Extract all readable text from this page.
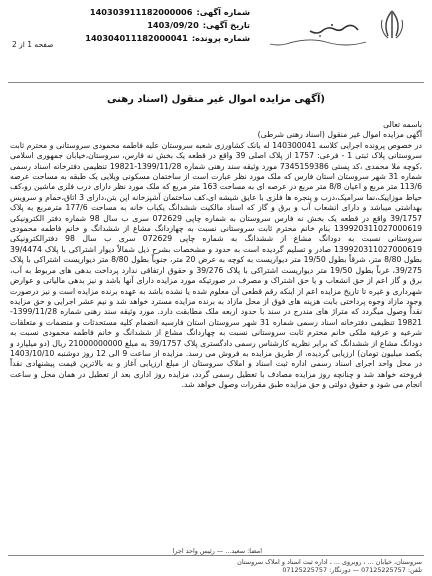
شماره آگهی:
140303911182000006
تاریخ آگهی:
1403/09/20
شماره پرونده:
140304011182000041
صفحه 1 از 2
(آگهی مزایده اموال غیر منقول (اسناد رهنی

باسمه تعالی

آگهی مزایده اموال غیر منقول (اسناد رهنی شرطی)

در خصوص پرونده اجرایی کلاسه 140300041 له بانک کشاورزی شعبه سروستان علیه فاطمه محمودی سروستانی و محترم ثابت سروستانی پلاک ثبتی 1 - فرعی: 1757 از پلاک اصلی 39 واقع در قطعه یک بخش نه فارس، سروستان،خیابان جمهوری اسلامی ،کوچه ملا محمدی ،کد پستی 7345159386 مورد وثیقه سند رهنی شماره 1399/11/28-19821 تنظیمی دفترخانه اسناد رسمی شماره 31 شهر سروستان استان فارس که ملک مورد نظر عبارت است از ساختمان مسکونی ویلایی یک طبقه به مساحت عرصه 113/6 متر مربع و اعیان 8/8 متر مربع در عرصه ای به مساحت 163 متر مربع که ملک مورد نظر دارای درب فلزی ماشین رو،کف حیاط موزاییک،نما سرامیک،درب و پنجره ها فلزی با عایق شیشه ای،کف ساختمان آشپزخانه اپن بتن،دارای 3 اتاق،حمام و سرویس بهداشتی میباشد و دارای انشعاب آب و برق و گاز که اسناد مالکیت ششدانگ یکباب خانه به مساحت 177/6 مترمربع به پلاک 39/1757 واقع در قطعه یک بخش نه فارس سروستان به شماره چاپی 072629 سری ب سال 98 شماره دفتر الکترونیکی 139920311027000619 بنام خانم محترم ثابت سروستانی نسبت به چهاردانگ مشاع از ششدانگ و خانم فاطمه محمودی سروستانی نسبت به دودانگ مشاع از ششدانگ به شماره چاپی 072629 سری ب سال 98 دفترالکترونیکی 139920311027000619 صادر و تسلیم گردیده است به حدود و مشخصات بشرح ذیل شمالاً دیوار اشتراکی با پلاک 39/4474 بطول 8/80 متر، شرقاً بطول 19/50 متر دیواریست به کوچه به عرض 20 متر، جنوباً بطول 8/80 متر دیواریست اشتراکی با پلاک 39/275، غرباً بطول 19/50 متر دیواریست اشتراکی با پلاک 39/276 و حقوق ارتفاقی ندارد پرداخت بدهی های مربوط به آب، برق و گاز اعم از حق انشعاب و یا حق اشتراک و مصرف در صورتیکه مورد مزایده دارای آنها باشد و نیز بدهی مالیاتی و عوارض شهرداری و غیره تا تاریخ مزایده اعم از اینکه رقم قطعی آن معلوم شده یا نشده باشد به عهده برنده مزایده است و نیز درصورت وجود مازاد وجوه پرداختی بابت هزینه های فوق از محل مازاد به برنده مزایده مسترد خواهد شد و نیم عشر اجرایی و حق مزایده نقداً وصول میگردد که متراژ های مندرج در سند با حدود اربعه ملک مطابقت دارد. مورد وثیقه سند رهنی شماره 1399/11/28-19821 تنظیمی دفترخانه اسناد رسمی شماره 31 شهر سروستان استان فارسیه انضمام کلیه مستحدثات و منضمات و متعلقات شرعیه و عرفیه ملکی خانم محترم ثابت سروستانی نسبت به چهاردانگ مشاع از ششدانگ و خانم فاطمه محمودی نسبت به دودانگ مشاع از ششدانگ که برابر نظریه کارشناس رسمی دادگستری پلاک 39/1757 به مبلغ 21000000000 ریال (دو میلیارد و یکصد میلیون تومان) ارزیابی گردیده، از طریق مزایده به فروش می رسد. مزایده از ساعت 9 الی 12 روز دوشنبه 1403/10/10 در محل واحد اجرای اسناد رسمی اداره ثبت اسناد و املاک سروستان از مبلغ ارزیابی آغاز و به بالاترین قیمت پیشنهادی نقداً فروخته خواهد شد و چنانچه روز مزایده مصادف با تعطیل رسمی گردد، مزایده روز اداری بعد از تعطیل در همان محل و ساعت انجام می شود و حقوق دولتی و حق مزایده طبق مقررات وصول خواهد شد.

امضا: سعید... — رئیس واحد اجرا
سروستان، خیابان ... ، روبروی ... ، اداره ثبت اسناد و املاک سروستان
تلفن: 07125225757 — دورنگار: 07125225757
